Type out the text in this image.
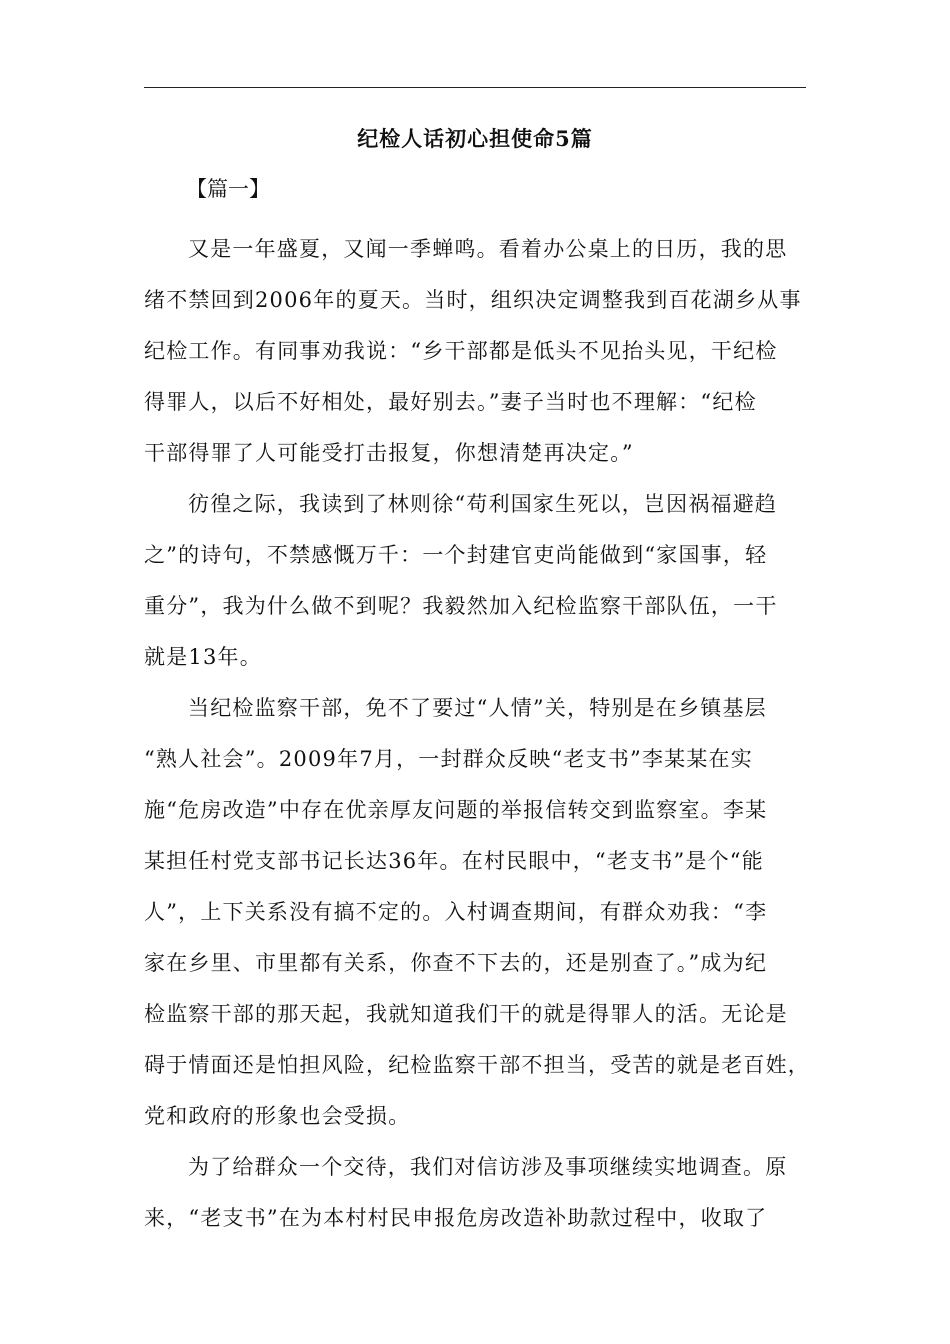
纪检人话初心担使命5篇
【篇一】

又是一年盛夏，又闻一季蝉鸣。看着办公桌上的日历，我的思
绪不禁回到2006年的夏天。当时，组织决定调整我到百花湖乡从事
纪检工作。有同事劝我说：“乡干部都是低头不见抬头见，干纪检
得罪人，以后不好相处，最好别去。”妻子当时也不理解：“纪检
干部得罪了人可能受打击报复，你想清楚再决定。”

彷徨之际，我读到了林则徐“苟利国家生死以，岂因祸福避趋
之”的诗句，不禁感慨万千：一个封建官吏尚能做到“家国事，轻
重分”，我为什么做不到呢？我毅然加入纪检监察干部队伍，一干
就是13年。

当纪检监察干部，免不了要过“人情”关，特别是在乡镇基层
“熟人社会”。2009年7月，一封群众反映“老支书”李某某在实
施“危房改造”中存在优亲厚友问题的举报信转交到监察室。李某
某担任村党支部书记长达36年。在村民眼中，“老支书”是个“能
人”，上下关系没有搞不定的。入村调查期间，有群众劝我：“李
家在乡里、市里都有关系，你查不下去的，还是别查了。”成为纪
检监察干部的那天起，我就知道我们干的就是得罪人的活。无论是
碍于情面还是怕担风险，纪检监察干部不担当，受苦的就是老百姓，
党和政府的形象也会受损。

为了给群众一个交待，我们对信访涉及事项继续实地调查。原
来，“老支书”在为本村村民申报危房改造补助款过程中，收取了
